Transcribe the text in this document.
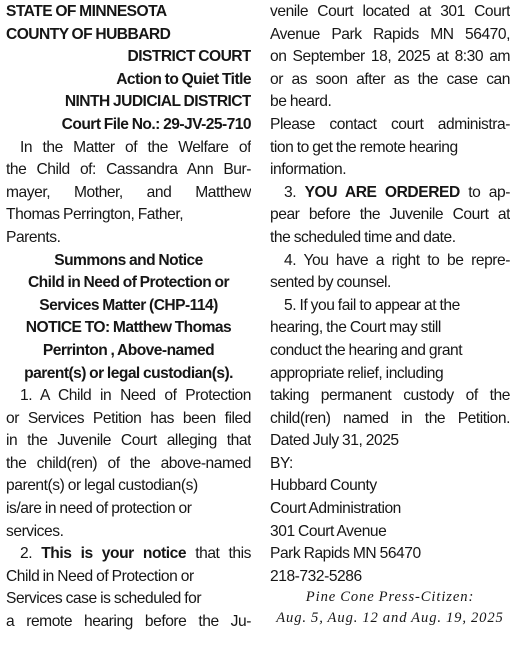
STATE OF MINNESOTA
COUNTY OF HUBBARD
DISTRICT COURT
Action to Quiet Title
NINTH JUDICIAL DISTRICT
Court File No.: 29-JV-25-710
In the Matter of the Welfare of
the Child of: Cassandra Ann Bur-
mayer, Mother, and Matthew
Thomas Perrington, Father,
Parents.
Summons and Notice
Child in Need of Protection or
Services Matter (CHP-114)
NOTICE TO: Matthew Thomas
Perrinton , Above-named
parent(s) or legal custodian(s).
1. A Child in Need of Protection
or Services Petition has been filed
in the Juvenile Court alleging that
the child(ren) of the above-named
parent(s) or legal custodian(s)
is/are in need of protection or
services.
2. This is your notice that this
Child in Need of Protection or
Services case is scheduled for
a remote hearing before the Ju-
venile Court located at 301 Court
Avenue Park Rapids MN 56470,
on September 18, 2025 at 8:30 am
or as soon after as the case can
be heard.
Please contact court administra-
tion to get the remote hearing
information.
3. YOU ARE ORDERED to ap-
pear before the Juvenile Court at
the scheduled time and date.
4. You have a right to be repre-
sented by counsel.
5. If you fail to appear at the
hearing, the Court may still
conduct the hearing and grant
appropriate relief, including
taking permanent custody of the
child(ren) named in the Petition.
Dated July 31, 2025
BY:
Hubbard County
Court Administration
301 Court Avenue
Park Rapids MN 56470
218-732-5286
Pine Cone Press-Citizen:
Aug. 5, Aug. 12 and Aug. 19, 2025
